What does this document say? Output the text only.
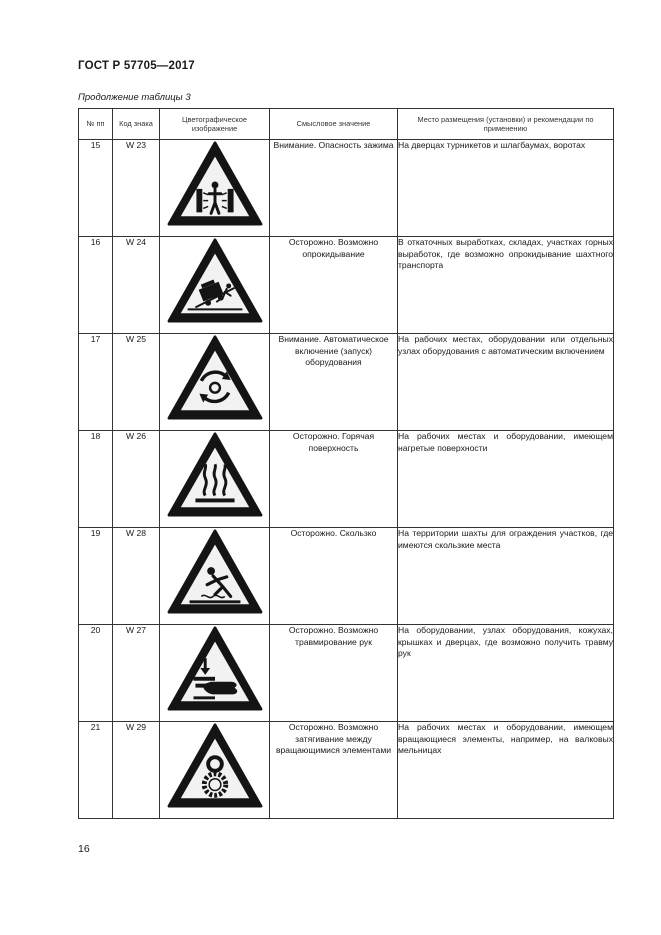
ГОСТ Р 57705—2017
Продолжение таблицы 3
№ пп	Код знака	Цветографическое изображение	Смысловое значение	Место размещения (установки) и рекомендации по применению
15	W 23		Внимание. Опасность зажима	На дверцах турникетов и шлагбаумах, воротах
16	W 24		Осторожно. Возможно опрокидывание	В откаточных выработках, складах, участках горных выработок, где возможно опрокидывание шахтного транспорта
17	W 25		Внимание. Автоматическое включение (запуск) оборудования	На рабочих местах, оборудовании или отдельных узлах оборудования с автоматическим включением
18	W 26		Осторожно. Горячая поверхность	На рабочих местах и оборудовании, имеющем нагретые поверхности
19	W 28		Осторожно. Скользко	На территории шахты для ограждения участков, где имеются скользкие места
20	W 27		Осторожно. Возможно травмирование рук	На оборудовании, узлах оборудования, кожухах, крышках и дверцах, где возможно получить травму рук
21	W 29		Осторожно. Возможно затягивание между вращающимися элементами	На рабочих местах и оборудовании, имеющем вращающиеся элементы, например, на валковых мельницах
16
